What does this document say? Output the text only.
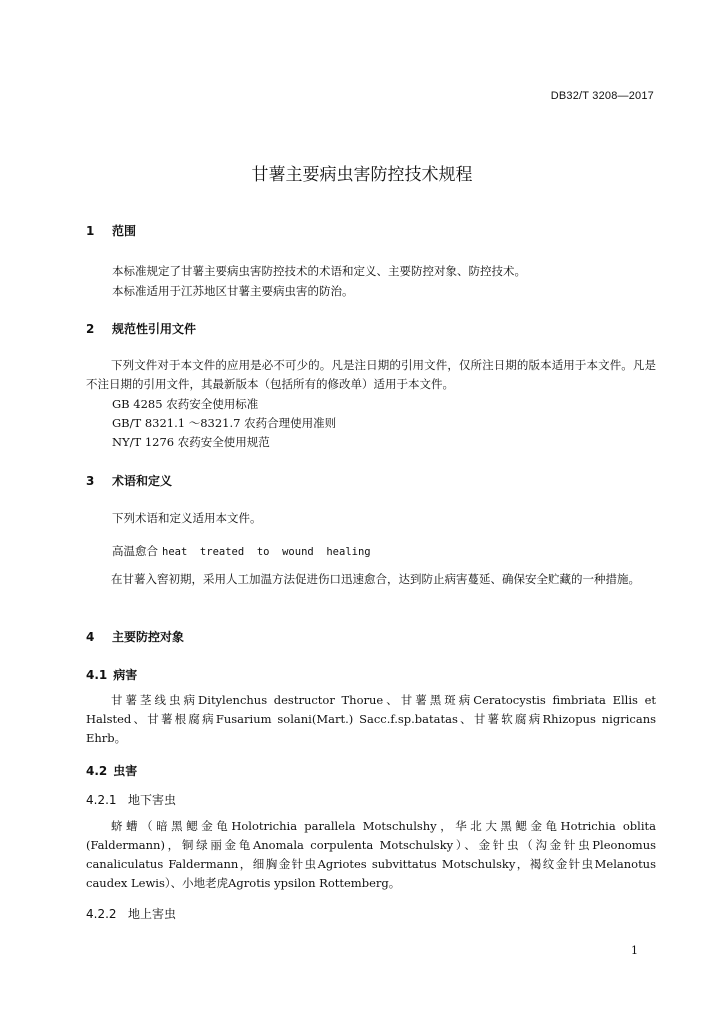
DB32/T 3208—2017
甘薯主要病虫害防控技术规程
1 范围
本标准规定了甘薯主要病虫害防控技术的术语和定义、主要防控对象、防控技术。
本标准适用于江苏地区甘薯主要病虫害的防治。
2 规范性引用文件
下列文件对于本文件的应用是必不可少的。凡是注日期的引用文件，仅所注日期的版本适用于本文件。凡是不注日期的引用文件，其最新版本（包括所有的修改单）适用于本文件。
GB 4285 农药安全使用标准
GB/T 8321.1 ～8321.7 农药合理使用准则
NY/T 1276 农药安全使用规范
3 术语和定义
下列术语和定义适用本文件。
高温愈合 heat  treated  to  wound  healing
在甘薯入窖初期，采用人工加温方法促进伤口迅速愈合，达到防止病害蔓延、确保安全贮藏的一种措施。
4 主要防控对象
4.1 病害
甘薯茎线虫病Ditylenchus destructor Thorue、甘薯黑斑病Ceratocystis fimbriata Ellis et Halsted、甘薯根腐病Fusarium solani(Mart.) Sacc.f.sp.batatas、甘薯软腐病Rhizopus nigricans Ehrb。
4.2 虫害
4.2.1 地下害虫
蛴螬（暗黑鳃金龟Holotrichia parallela Motschulshy，华北大黑鳃金龟Hotrichia oblita (Faldermann)，铜绿丽金龟Anomala corpulenta Motschulsky）、金针虫（沟金针虫Pleonomus canaliculatus Faldermann，细胸金针虫Agriotes subvittatus Motschulsky，褐纹金针虫Melanotus caudex Lewis）、小地老虎Agrotis ypsilon Rottemberg。
4.2.2 地上害虫
1
